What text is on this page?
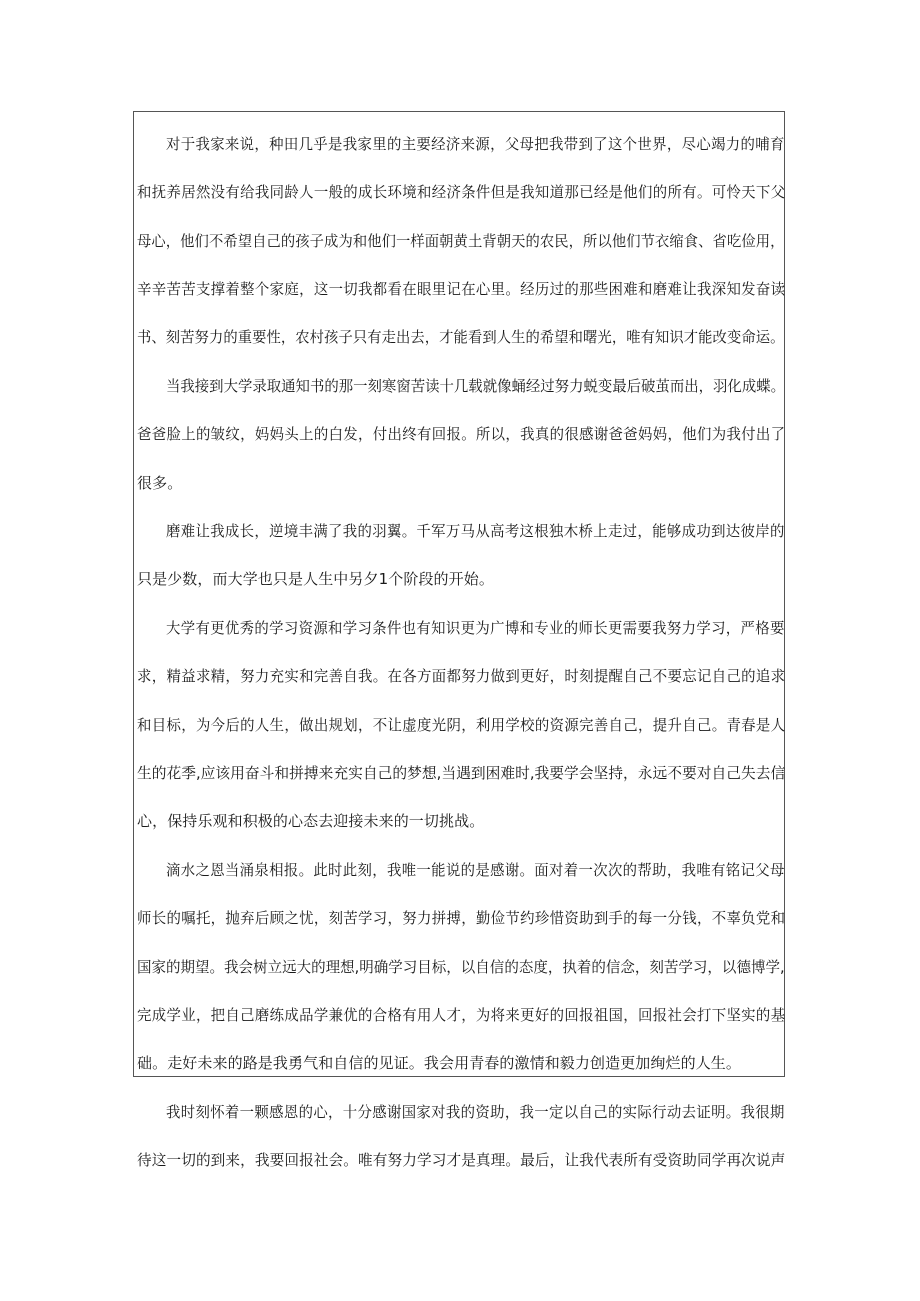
对于我家来说，种田几乎是我家里的主要经济来源，父母把我带到了这个世界，尽心竭力的哺育
和抚养居然没有给我同龄人一般的成长环境和经济条件但是我知道那已经是他们的所有。可怜天下父
母心，他们不希望自己的孩子成为和他们一样面朝黄土背朝天的农民，所以他们节衣缩食、省吃俭用，
辛辛苦苦支撑着整个家庭，这一切我都看在眼里记在心里。经历过的那些困难和磨难让我深知发奋读
书、刻苦努力的重要性，农村孩子只有走出去，才能看到人生的希望和曙光，唯有知识才能改变命运。
当我接到大学录取通知书的那一刻寒窗苦读十几载就像蛹经过努力蜕变最后破茧而出，羽化成蝶。
爸爸脸上的皱纹，妈妈头上的白发，付出终有回报。所以，我真的很感谢爸爸妈妈，他们为我付出了
很多。
磨难让我成长，逆境丰满了我的羽翼。千军万马从高考这根独木桥上走过，能够成功到达彼岸的
只是少数，而大学也只是人生中另夕1个阶段的开始。
大学有更优秀的学习资源和学习条件也有知识更为广博和专业的师长更需要我努力学习，严格要
求，精益求精，努力充实和完善自我。在各方面都努力做到更好，时刻提醒自己不要忘记自己的追求
和目标，为今后的人生，做出规划，不让虚度光阴，利用学校的资源完善自己，提升自己。青春是人
生的花季,应该用奋斗和拼搏来充实自己的梦想,当遇到困难时,我要学会坚持，永远不要对自己失去信
心，保持乐观和积极的心态去迎接未来的一切挑战。
滴水之恩当涌泉相报。此时此刻，我唯一能说的是感谢。面对着一次次的帮助，我唯有铭记父母
师长的嘱托，抛弃后顾之忧，刻苦学习，努力拼搏，勤俭节约珍惜资助到手的每一分钱，不辜负党和
国家的期望。我会树立远大的理想,明确学习目标，以自信的态度，执着的信念，刻苦学习，以德博学,
完成学业，把自己磨练成品学兼优的合格有用人才，为将来更好的回报祖国，回报社会打下坚实的基
础。走好未来的路是我勇气和自信的见证。我会用青春的激情和毅力创造更加绚烂的人生。
我时刻怀着一颗感恩的心，十分感谢国家对我的资助，我一定以自己的实际行动去证明。我很期
待这一切的到来，我要回报社会。唯有努力学习才是真理。最后，让我代表所有受资助同学再次说声
